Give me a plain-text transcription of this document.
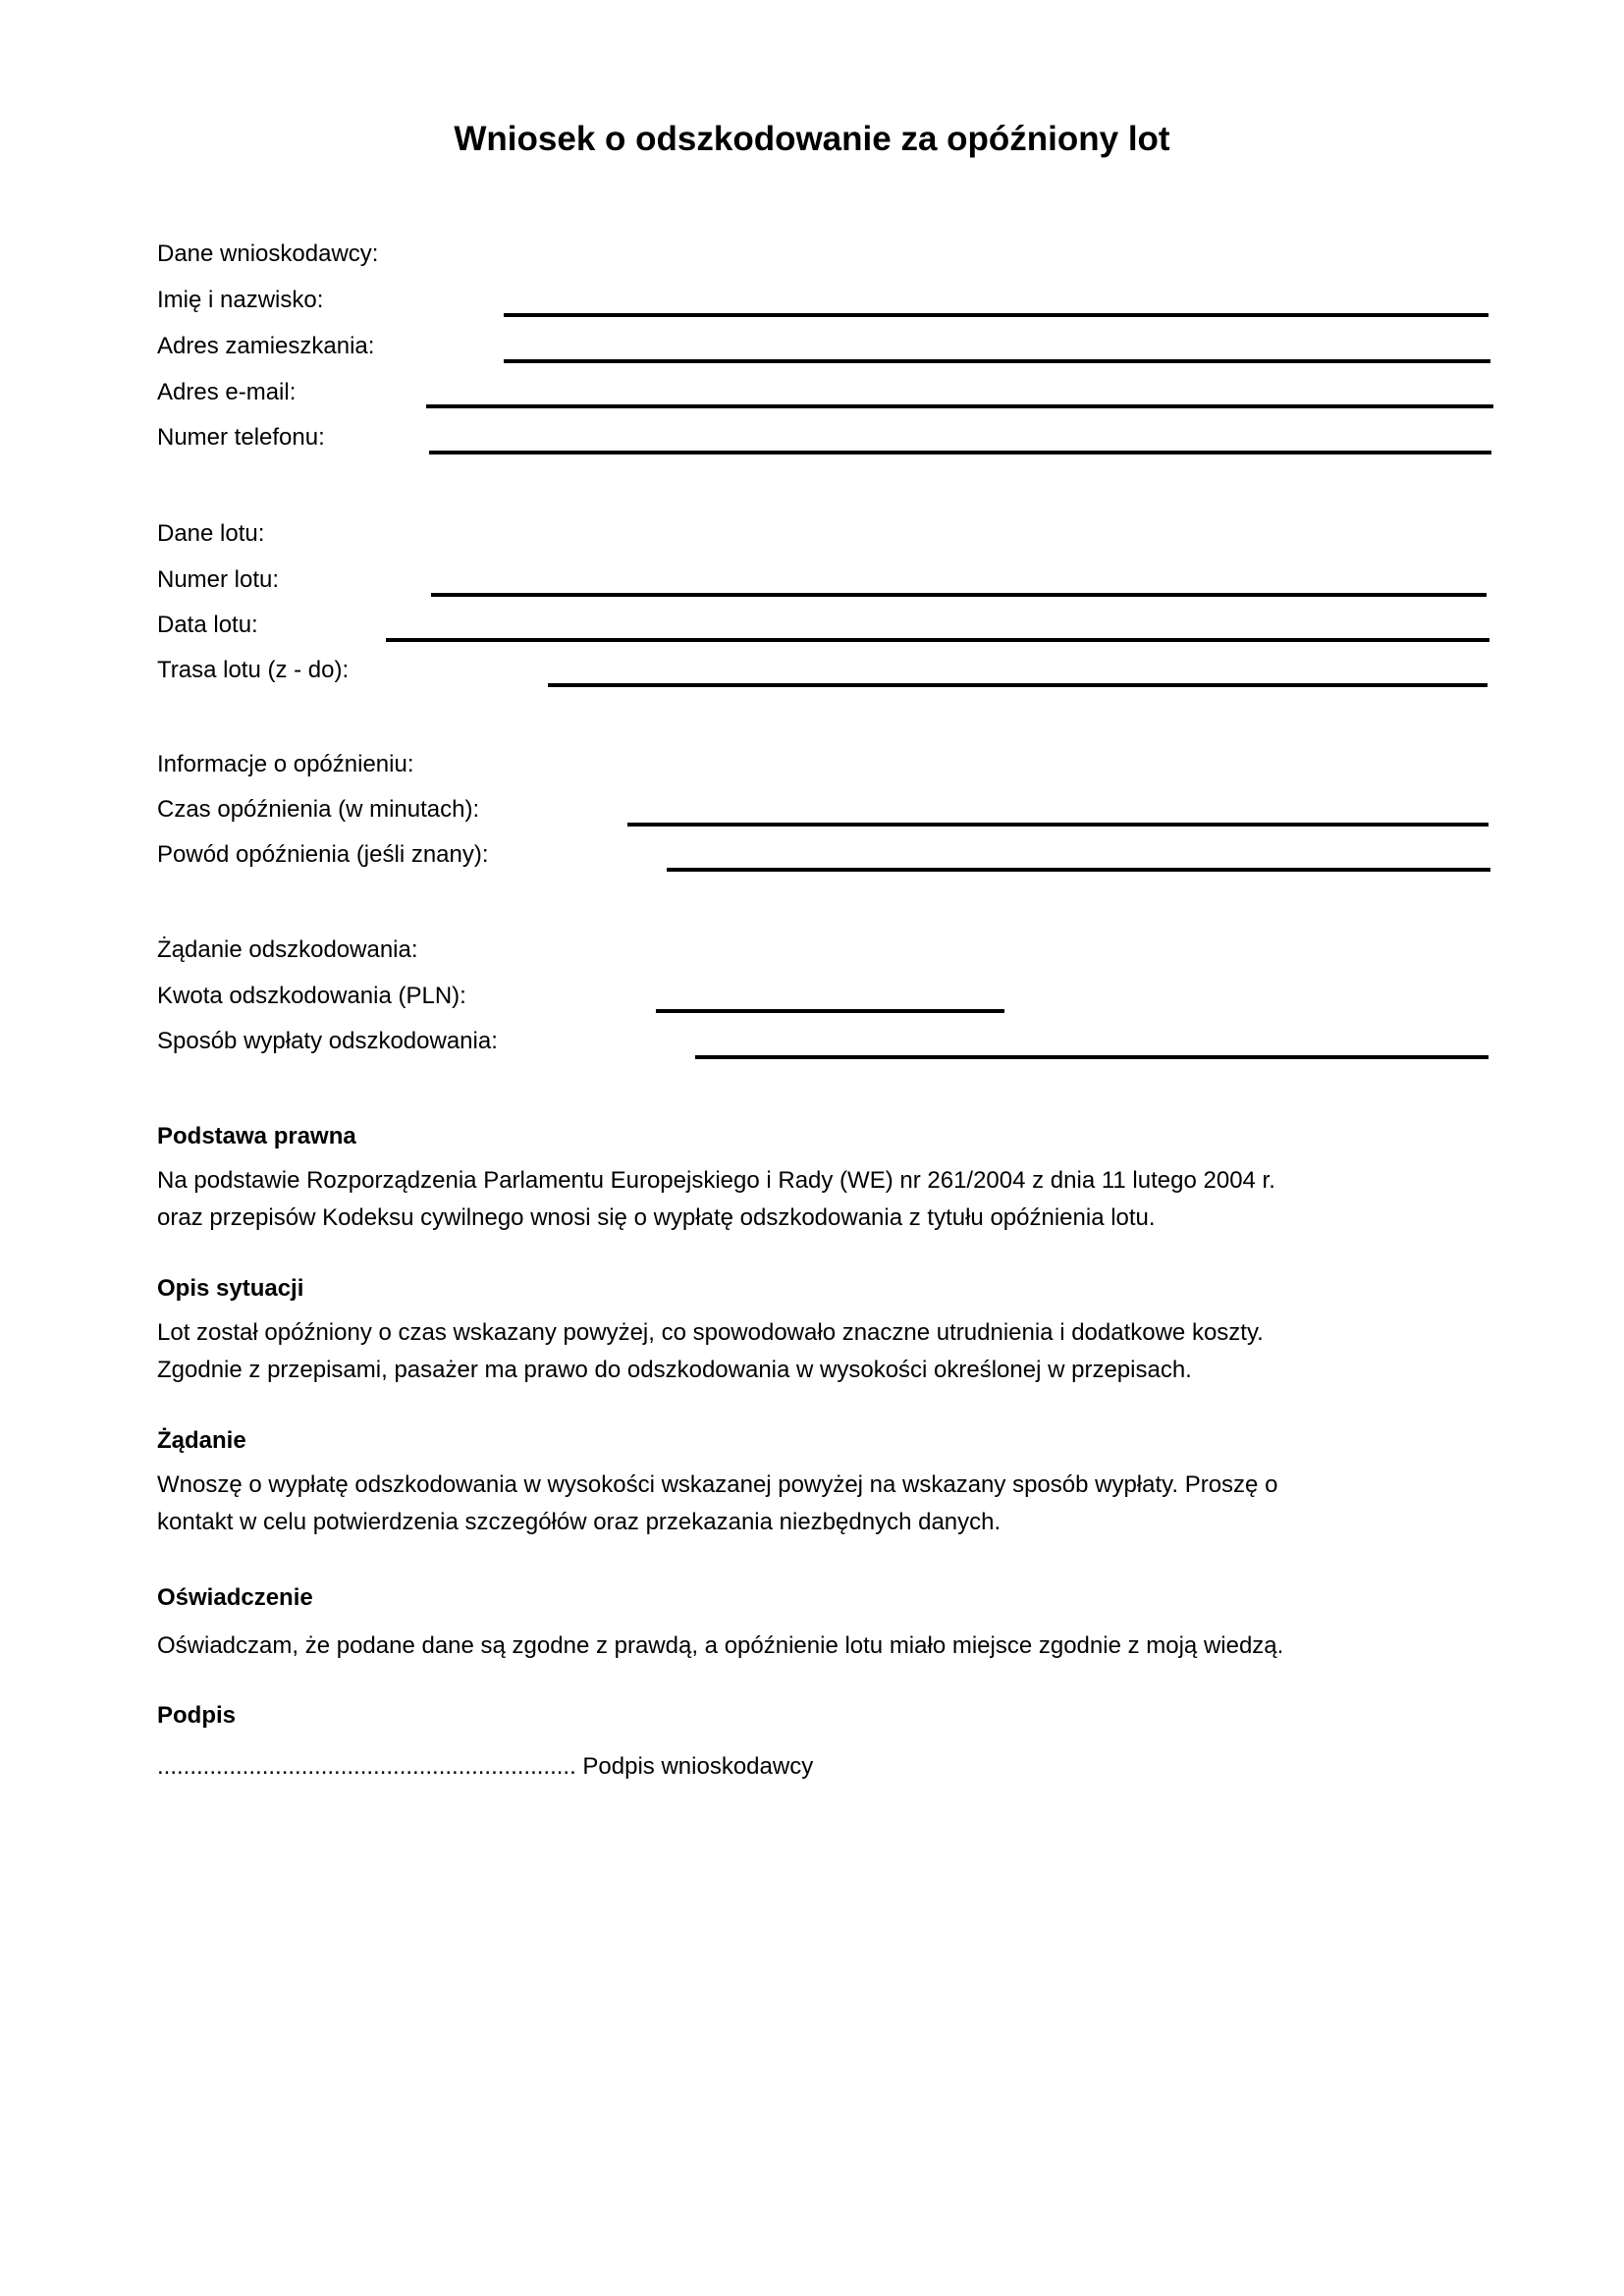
Wniosek o odszkodowanie za opóźniony lot
Dane wnioskodawcy:
Imię i nazwisko:
Adres zamieszkania:
Adres e-mail:
Numer telefonu:
Dane lotu:
Numer lotu:
Data lotu:
Trasa lotu (z - do):
Informacje o opóźnieniu:
Czas opóźnienia (w minutach):
Powód opóźnienia (jeśli znany):
Żądanie odszkodowania:
Kwota odszkodowania (PLN):
Sposób wypłaty odszkodowania:
Podstawa prawna
Na podstawie Rozporządzenia Parlamentu Europejskiego i Rady (WE) nr 261/2004 z dnia 11 lutego 2004 r.
oraz przepisów Kodeksu cywilnego wnosi się o wypłatę odszkodowania z tytułu opóźnienia lotu.
Opis sytuacji
Lot został opóźniony o czas wskazany powyżej, co spowodowało znaczne utrudnienia i dodatkowe koszty.
Zgodnie z przepisami, pasażer ma prawo do odszkodowania w wysokości określonej w przepisach.
Żądanie
Wnoszę o wypłatę odszkodowania w wysokości wskazanej powyżej na wskazany sposób wypłaty. Proszę o
kontakt w celu potwierdzenia szczegółów oraz przekazania niezbędnych danych.
Oświadczenie
Oświadczam, że podane dane są zgodne z prawdą, a opóźnienie lotu miało miejsce zgodnie z moją wiedzą.
Podpis
................................................................ Podpis wnioskodawcy
